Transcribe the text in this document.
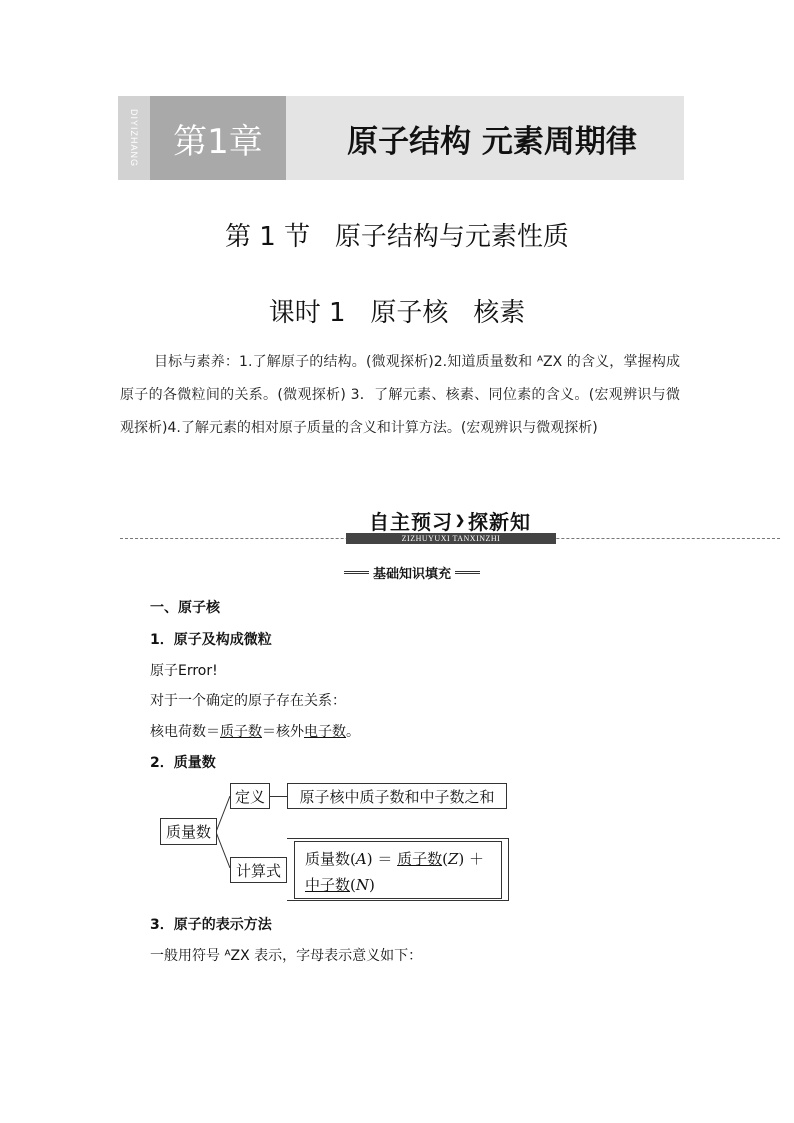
DIYIZHANG	第1章	原子结构 元素周期律
第 1 节 原子结构与元素性质
课时 1 原子核 核素
目标与素养：1.了解原子的结构。(微观探析)2.知道质量数和 ᴬZX 的含义，掌握构成原子的各微粒间的关系。(微观探析) 3．了解元素、核素、同位素的含义。(宏观辨识与微观探析)4.了解元素的相对原子质量的含义和计算方法。(宏观辨识与微观探析)
自主预习 ❯ 探新知
ZIZHUYUXI TANXINZHI
基础知识填充
一、原子核
1．原子及构成微粒
原子Error!
对于一个确定的原子存在关系：
核电荷数＝质子数＝核外电子数。
2．质量数
质量数
定义	原子核中质子数和中子数之和
计算式
质量数(A) ＝ 质子数(Z) ＋
中子数(N)
3．原子的表示方法
一般用符号 ᴬZX 表示，字母表示意义如下：
